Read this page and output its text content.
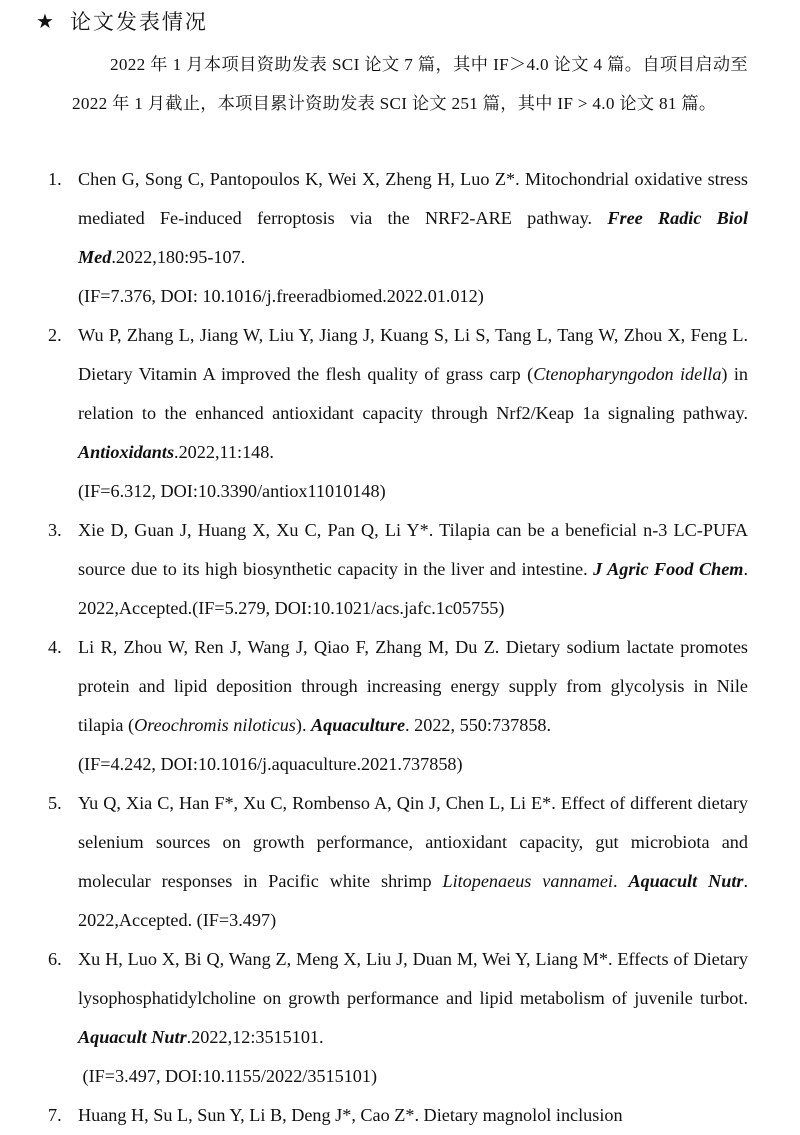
★ 论文发表情况

2022 年 1 月本项目资助发表 SCI 论文 7 篇，其中 IF＞4.0 论文 4 篇。自项目启动至 2022 年 1 月截止，本项目累计资助发表 SCI 论文 251 篇，其中 IF > 4.0 论文 81 篇。

1. Chen G, Song C, Pantopoulos K, Wei X, Zheng H, Luo Z*. Mitochondrial oxidative stress mediated Fe-induced ferroptosis via the NRF2-ARE pathway. Free Radic Biol Med.2022,180:95-107.
(IF=7.376, DOI: 10.1016/j.freeradbiomed.2022.01.012)
2. Wu P, Zhang L, Jiang W, Liu Y, Jiang J, Kuang S, Li S, Tang L, Tang W, Zhou X, Feng L. Dietary Vitamin A improved the flesh quality of grass carp (Ctenopharyngodon idella) in relation to the enhanced antioxidant capacity through Nrf2/Keap 1a signaling pathway. Antioxidants.2022,11:148.
(IF=6.312, DOI:10.3390/antiox11010148)
3. Xie D, Guan J, Huang X, Xu C, Pan Q, Li Y*. Tilapia can be a beneficial n-3 LC-PUFA source due to its high biosynthetic capacity in the liver and intestine. J Agric Food Chem. 2022,Accepted.(IF=5.279, DOI:10.1021/acs.jafc.1c05755)
4. Li R, Zhou W, Ren J, Wang J, Qiao F, Zhang M, Du Z. Dietary sodium lactate promotes protein and lipid deposition through increasing energy supply from glycolysis in Nile tilapia (Oreochromis niloticus). Aquaculture. 2022, 550:737858.
(IF=4.242, DOI:10.1016/j.aquaculture.2021.737858)
5. Yu Q, Xia C, Han F*, Xu C, Rombenso A, Qin J, Chen L, Li E*. Effect of different dietary selenium sources on growth performance, antioxidant capacity, gut microbiota and molecular responses in Pacific white shrimp Litopenaeus vannamei. Aquacult Nutr. 2022,Accepted. (IF=3.497)
6. Xu H, Luo X, Bi Q, Wang Z, Meng X, Liu J, Duan M, Wei Y, Liang M*. Effects of Dietary lysophosphatidylcholine on growth performance and lipid metabolism of juvenile turbot. Aquacult Nutr.2022,12:3515101.
(IF=3.497, DOI:10.1155/2022/3515101)
7. Huang H, Su L, Sun Y, Li B, Deng J*, Cao Z*. Dietary magnolol inclusion
